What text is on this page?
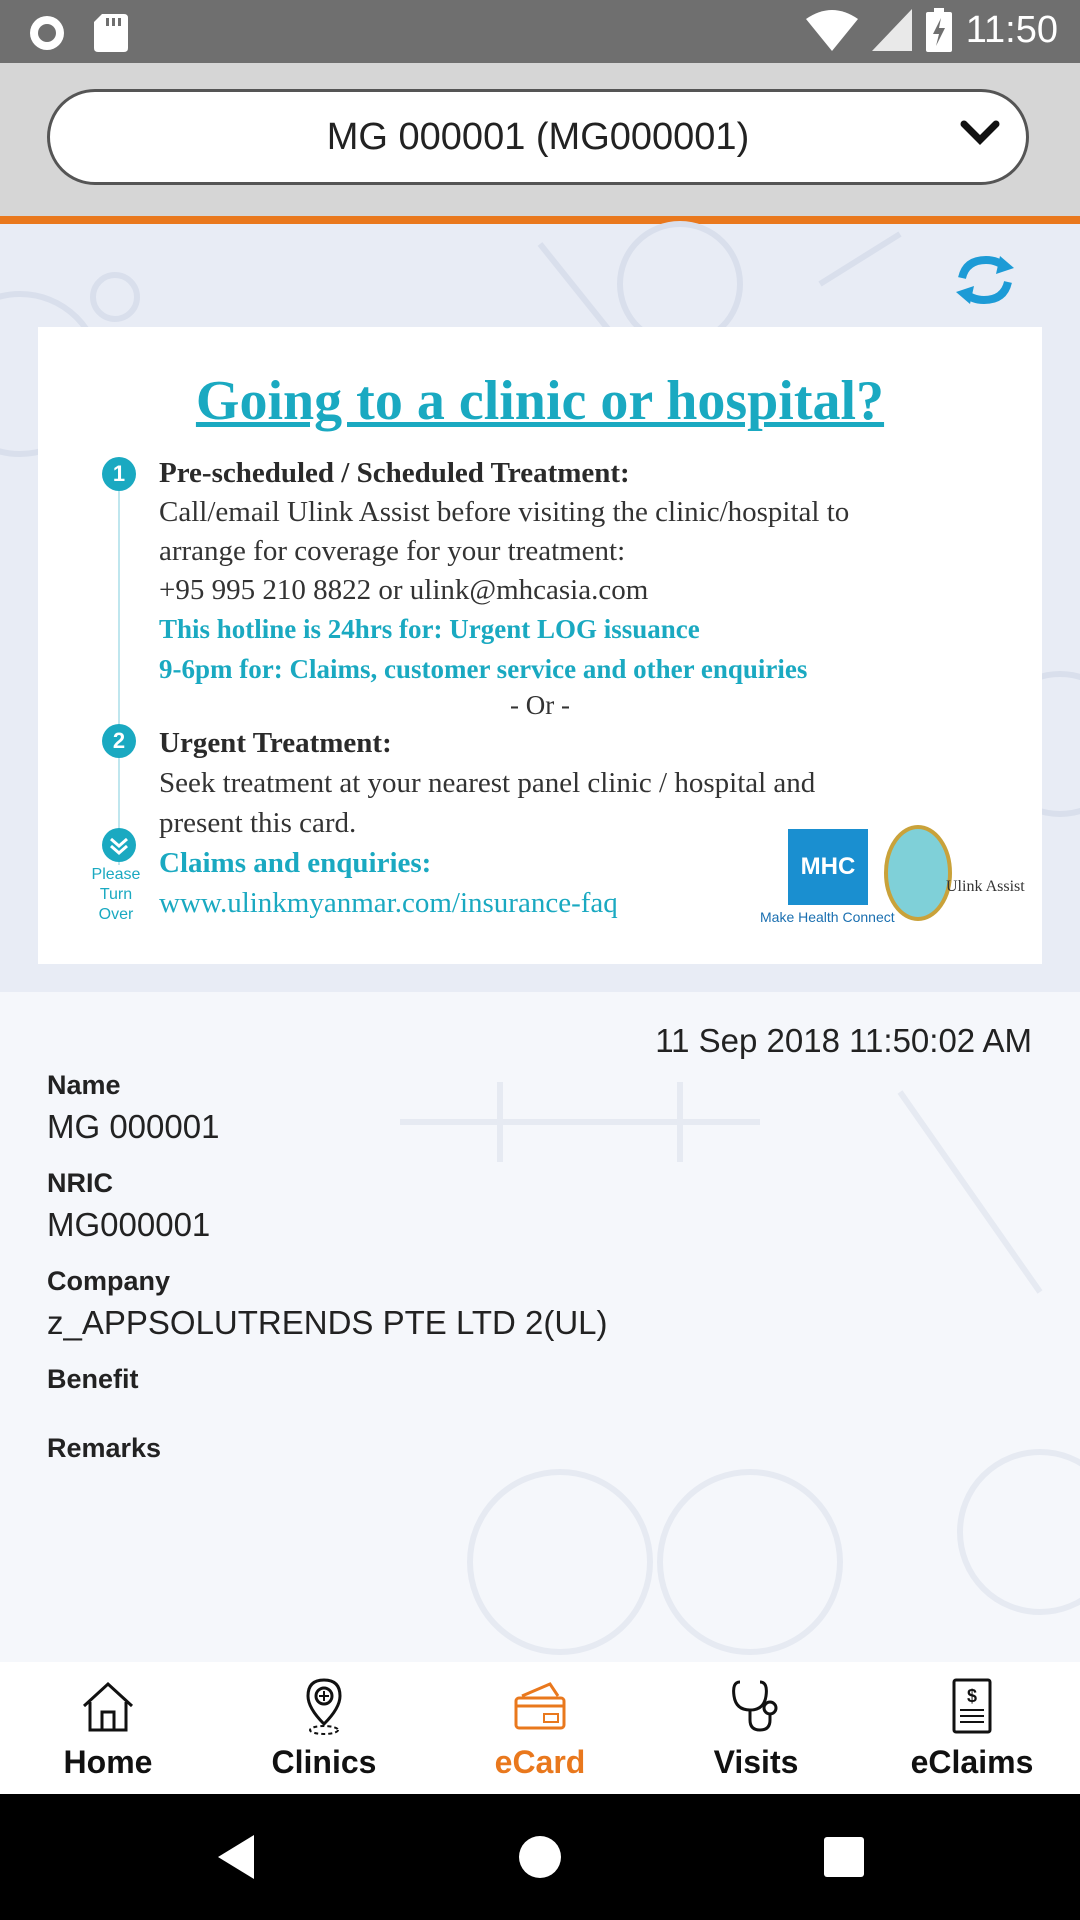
11:50
MG 000001 (MG000001)
Going to a clinic or hospital?
1	Pre-scheduled / Scheduled Treatment:
Call/email Ulink Assist before visiting the clinic/hospital to
arrange for coverage for your treatment:
+95 995 210 8822 or ulink@mhcasia.com
This hotline is 24hrs for: Urgent LOG issuance
9-6pm for: Claims, customer service and other enquiries
- Or -
2	Urgent Treatment:
Seek treatment at your nearest panel clinic / hospital and
present this card.
Please Turn Over
Claims and enquiries:
www.ulinkmyanmar.com/insurance-faq
MHC
Make Health Connect
Ulink Assist
11 Sep 2018 11:50:02 AM
Name
MG 000001
NRIC
MG000001
Company
z_APPSOLUTRENDS PTE LTD 2(UL)
Benefit
Remarks
Home	Clinics	eCard	Visits
$
eClaims
